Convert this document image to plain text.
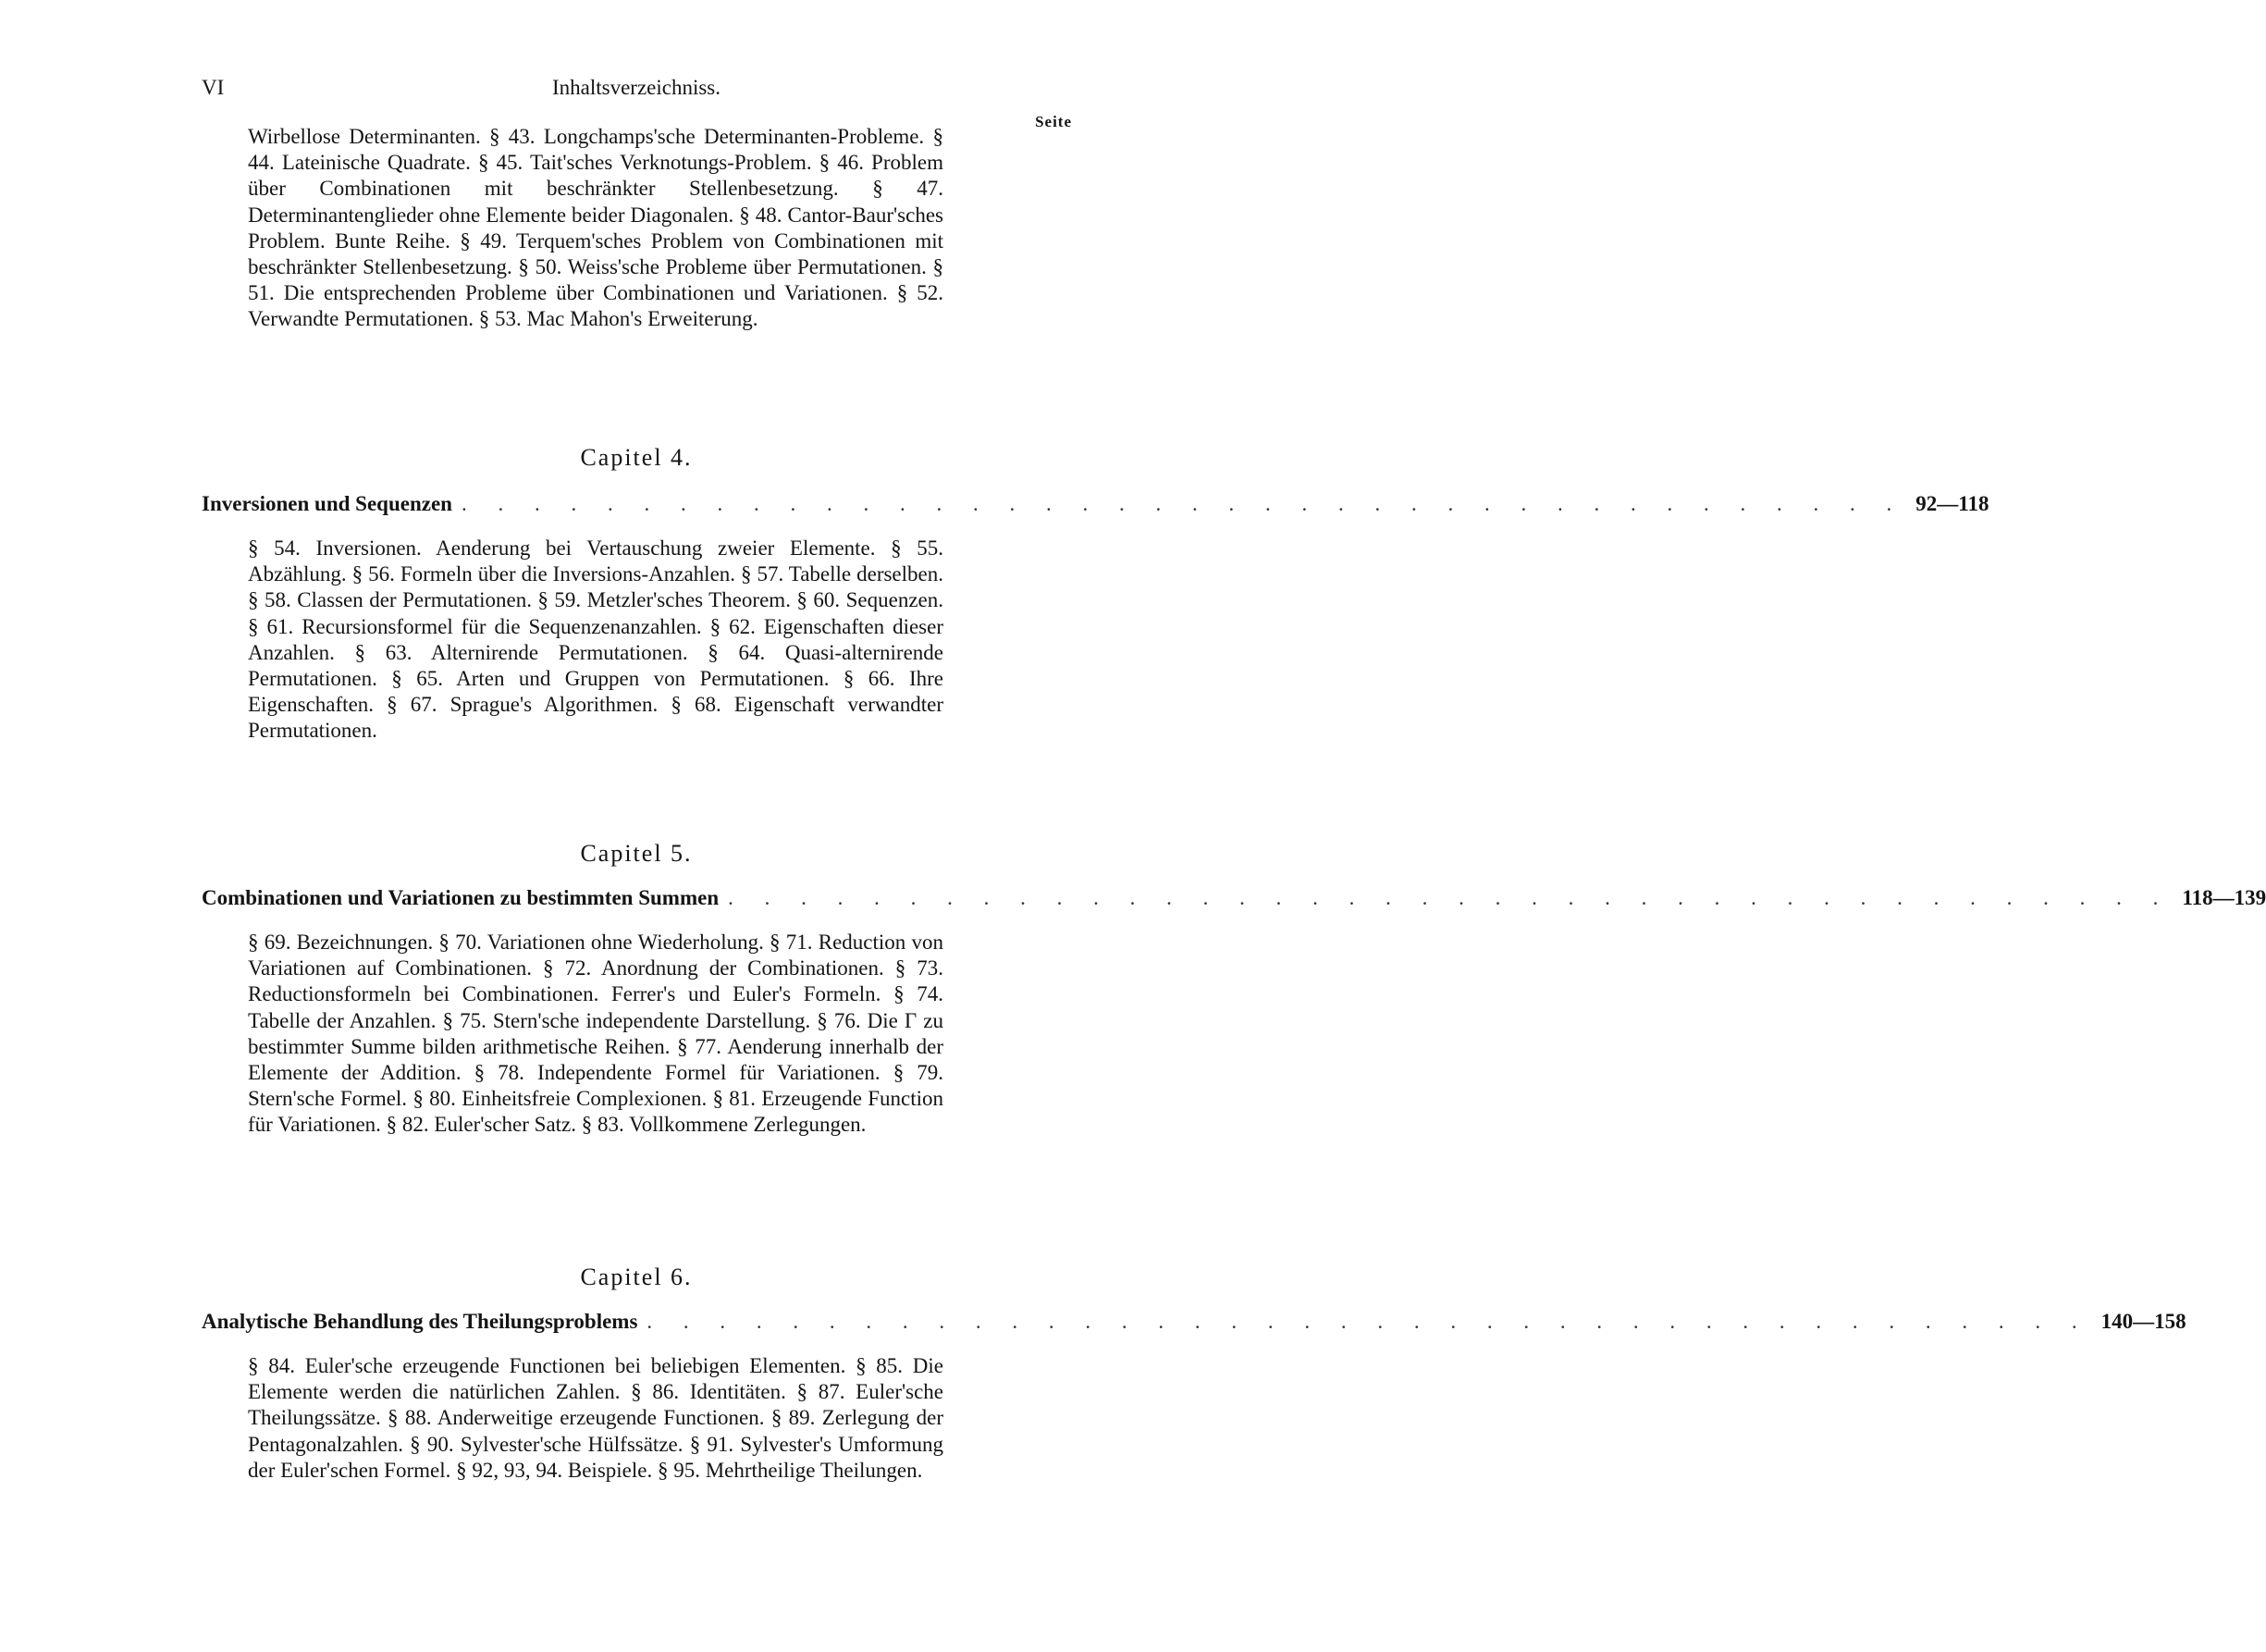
VI	Inhaltsverzeichniss.
Seite
Wirbellose Determinanten. § 43. Longchamps'sche Determinanten-Probleme. § 44. Lateinische Quadrate. § 45. Tait'sches Verknotungs-Problem. § 46. Problem über Combinationen mit beschränkter Stellenbesetzung. § 47. Determinantenglieder ohne Elemente beider Diagonalen. § 48. Cantor-Baur'sches Problem. Bunte Reihe. § 49. Terquem'sches Problem von Combinationen mit beschränkter Stellenbesetzung. § 50. Weiss'sche Probleme über Permutationen. § 51. Die entsprechenden Probleme über Combinationen und Variationen. § 52. Verwandte Permutationen. § 53. Mac Mahon's Erweiterung.
Capitel 4.
Inversionen und Sequenzen . . . . . . . . . . . . . . . . . . . . . . . . . . . . . . . . . . . . . . . . 92—118
§ 54. Inversionen. Aenderung bei Vertauschung zweier Elemente. § 55. Abzählung. § 56. Formeln über die Inversions-Anzahlen. § 57. Tabelle derselben. § 58. Classen der Permutationen. § 59. Metzler'sches Theorem. § 60. Sequenzen. § 61. Recursionsformel für die Sequenzenanzahlen. § 62. Eigenschaften dieser Anzahlen. § 63. Alternirende Permutationen. § 64. Quasi-alternirende Permutationen. § 65. Arten und Gruppen von Permutationen. § 66. Ihre Eigenschaften. § 67. Sprague's Algorithmen. § 68. Eigenschaft verwandter Permutationen.
Capitel 5.
Combinationen und Variationen zu bestimmten Summen . . . . . . . . . . . . . . . . . . . . . . . . . . . . . . . . . . . . . . . . 118—139
§ 69. Bezeichnungen. § 70. Variationen ohne Wiederholung. § 71. Reduction von Variationen auf Combinationen. § 72. Anordnung der Combinationen. § 73. Reductionsformeln bei Combinationen. Ferrer's und Euler's Formeln. § 74. Tabelle der Anzahlen. § 75. Stern'sche independente Darstellung. § 76. Die Γ zu bestimmter Summe bilden arithmetische Reihen. § 77. Aenderung innerhalb der Elemente der Addition. § 78. Independente Formel für Variationen. § 79. Stern'sche Formel. § 80. Einheitsfreie Complexionen. § 81. Erzeugende Function für Variationen. § 82. Euler'scher Satz. § 83. Vollkommene Zerlegungen.
Capitel 6.
Analytische Behandlung des Theilungsproblems . . . . . . . . . . . . . . . . . . . . . . . . . . . . . . . . . . . . . . . . 140—158
§ 84. Euler'sche erzeugende Functionen bei beliebigen Elementen. § 85. Die Elemente werden die natürlichen Zahlen. § 86. Identitäten. § 87. Euler'sche Theilungssätze. § 88. Anderweitige erzeugende Functionen. § 89. Zerlegung der Pentagonalzahlen. § 90. Sylvester'sche Hülfssätze. § 91. Sylvester's Umformung der Euler'schen Formel. § 92, 93, 94. Beispiele. § 95. Mehrtheilige Theilungen.
